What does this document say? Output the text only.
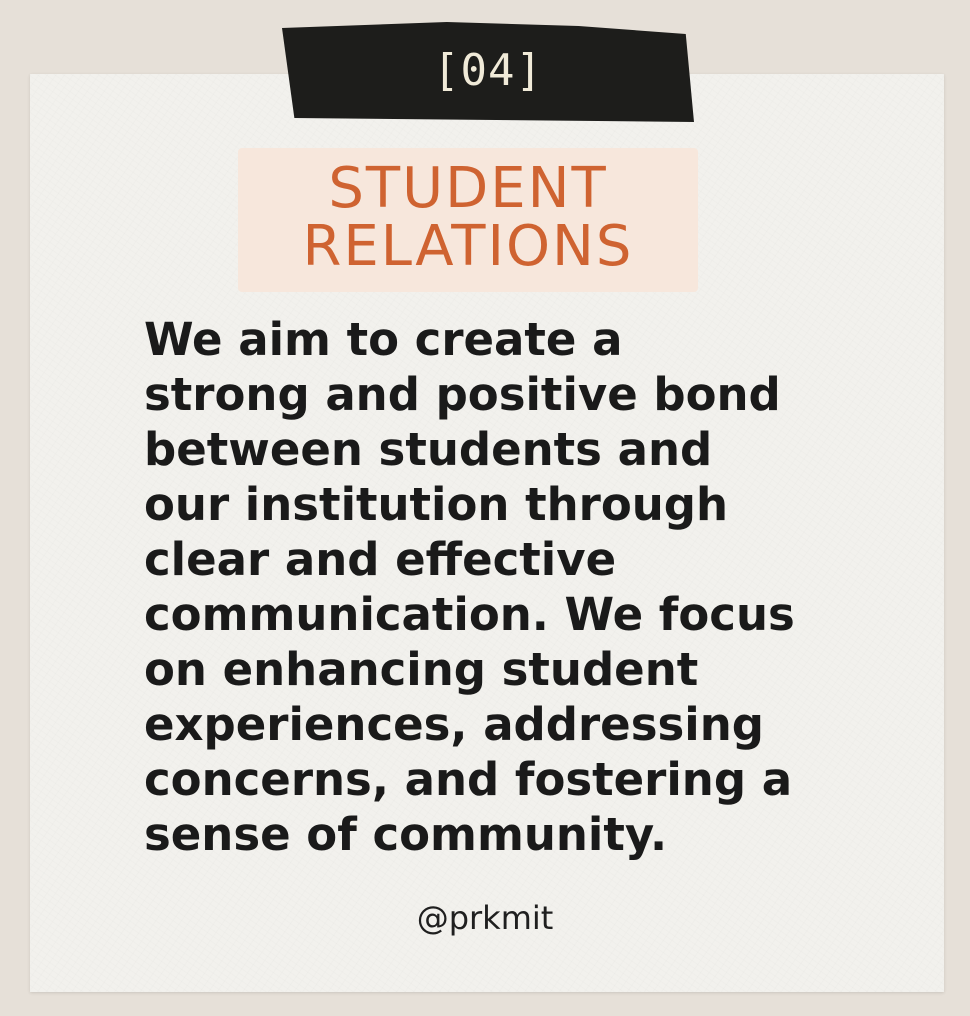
[04]
STUDENT
RELATIONS
We aim to create a
strong and positive bond
between students and
our institution through
clear and effective
communication. We focus
on enhancing student
experiences, addressing
concerns, and fostering a
sense of community.
@prkmit
